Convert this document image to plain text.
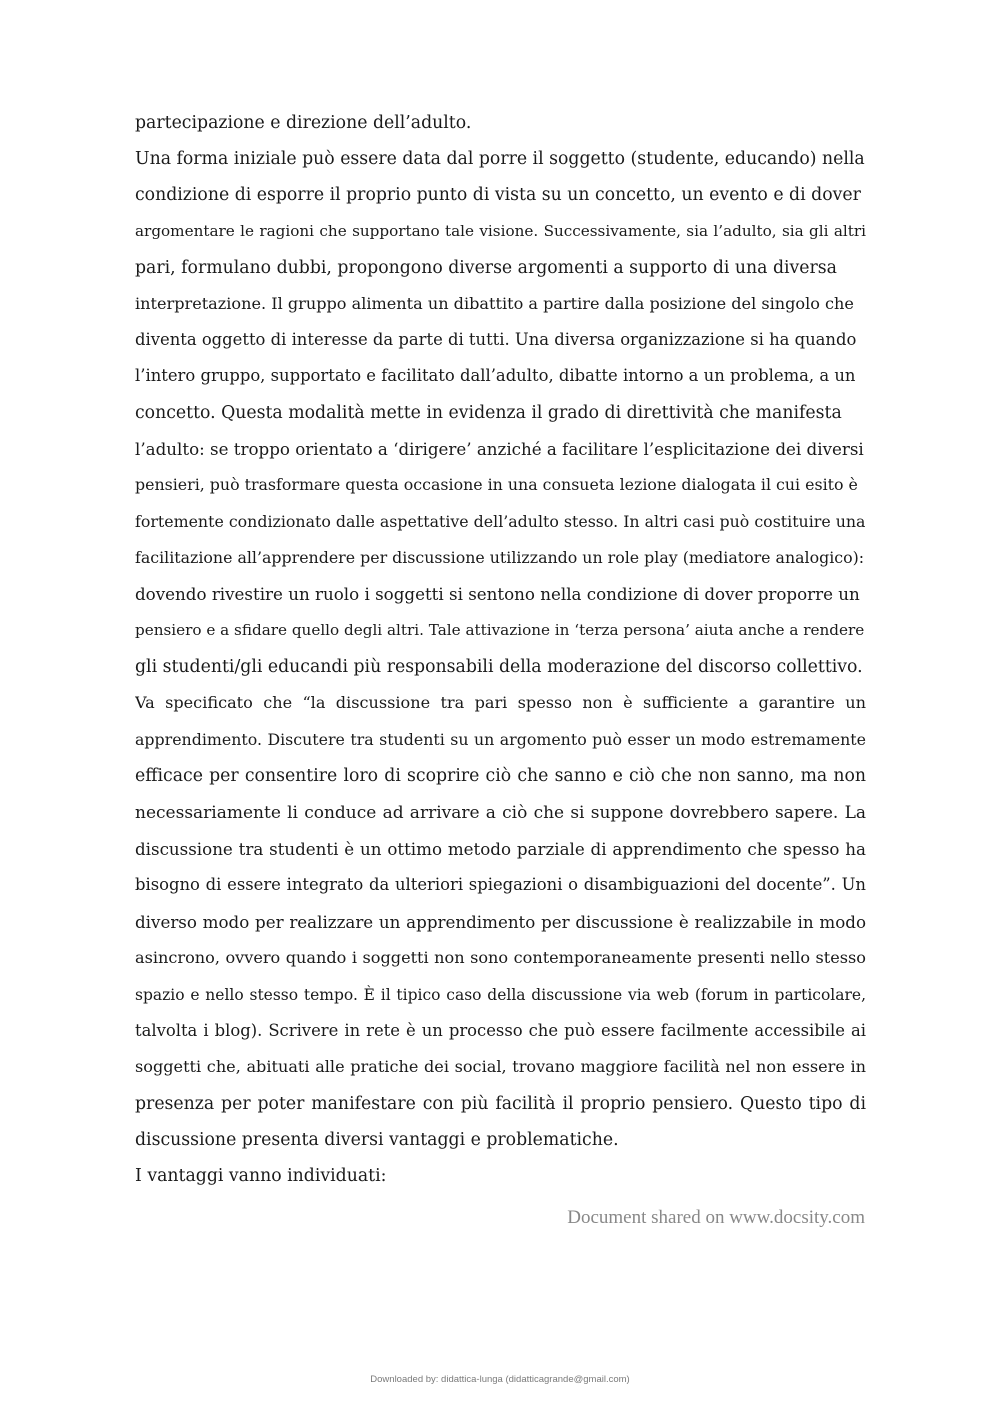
partecipazione e direzione dell’adulto.
Una forma iniziale può essere data dal porre il soggetto (studente, educando) nella
condizione di esporre il proprio punto di vista su un concetto, un evento e di dover
argomentare le ragioni che supportano tale visione. Successivamente, sia l’adulto, sia gli altri
pari, formulano dubbi, propongono diverse argomenti a supporto di una diversa
interpretazione. Il gruppo alimenta un dibattito a partire dalla posizione del singolo che
diventa oggetto di interesse da parte di tutti. Una diversa organizzazione si ha quando
l’intero gruppo, supportato e facilitato dall’adulto, dibatte intorno a un problema, a un
concetto. Questa modalità mette in evidenza il grado di direttività che manifesta
l’adulto: se troppo orientato a ‘dirigere’ anziché a facilitare l’esplicitazione dei diversi
pensieri, può trasformare questa occasione in una consueta lezione dialogata il cui esito è
fortemente condizionato dalle aspettative dell’adulto stesso. In altri casi può costituire una
facilitazione all’apprendere per discussione utilizzando un role play (mediatore analogico):
dovendo rivestire un ruolo i soggetti si sentono nella condizione di dover proporre un
pensiero e a sfidare quello degli altri. Tale attivazione in ‘terza persona’ aiuta anche a rendere
gli studenti/gli educandi più responsabili della moderazione del discorso collettivo.
Va specificato che “la discussione tra pari spesso non è sufficiente a garantire un
apprendimento. Discutere tra studenti su un argomento può esser un modo estremamente
efficace per consentire loro di scoprire ciò che sanno e ciò che non sanno, ma non
necessariamente li conduce ad arrivare a ciò che si suppone dovrebbero sapere. La
discussione tra studenti è un ottimo metodo parziale di apprendimento che spesso ha
bisogno di essere integrato da ulteriori spiegazioni o disambiguazioni del docente”. Un
diverso modo per realizzare un apprendimento per discussione è realizzabile in modo
asincrono, ovvero quando i soggetti non sono contemporaneamente presenti nello stesso
spazio e nello stesso tempo. È il tipico caso della discussione via web (forum in particolare,
talvolta i blog). Scrivere in rete è un processo che può essere facilmente accessibile ai
soggetti che, abituati alle pratiche dei social, trovano maggiore facilità nel non essere in
presenza per poter manifestare con più facilità il proprio pensiero. Questo tipo di
discussione presenta diversi vantaggi e problematiche.
I vantaggi vanno individuati:
Document shared on www.docsity.com
Downloaded by: didattica-lunga (didatticagrande@gmail.com)
